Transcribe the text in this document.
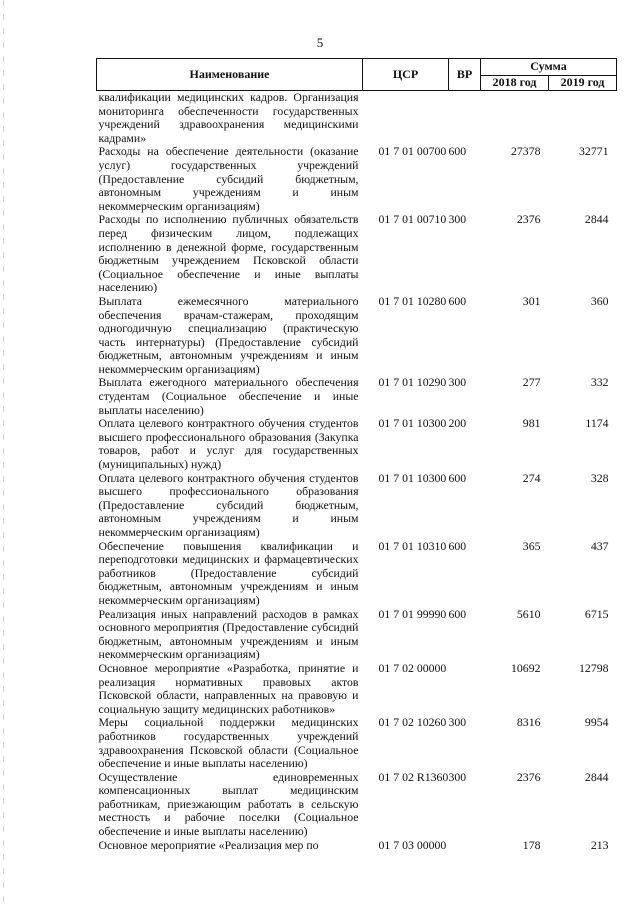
5
Наименование	ЦСР	ВР	Сумма	
			2018 год	2019 год
квалификации медицинских кадров. Организация мониторинга обеспеченности государственных учреждений здравоохранения медицинскими кадрами»				
Расходы на обеспечение деятельности (оказание услуг) государственных учреждений (Предоставление субсидий бюджетным, автономным учреждениям и иным некоммерческим организациям)	01 7 01 00700	600	27378	32771
Расходы по исполнению публичных обязательств перед физическим лицом, подлежащих исполнению в денежной форме, государственным бюджетным учреждением Псковской области (Социальное обеспечение и иные выплаты населению)	01 7 01 00710	300	2376	2844
Выплата ежемесячного материального обеспечения врачам-стажерам, проходящим одногодичную специализацию (практическую часть интернатуры) (Предоставление субсидий бюджетным, автономным учреждениям и иным некоммерческим организациям)	01 7 01 10280	600	301	360
Выплата ежегодного материального обеспечения студентам (Социальное обеспечение и иные выплаты населению)	01 7 01 10290	300	277	332
Оплата целевого контрактного обучения студентов высшего профессионального образования (Закупка товаров, работ и услуг для государственных (муниципальных) нужд)	01 7 01 10300	200	981	1174
Оплата целевого контрактного обучения студентов высшего профессионального образования (Предоставление субсидий бюджетным, автономным учреждениям и иным некоммерческим организациям)	01 7 01 10300	600	274	328
Обеспечение повышения квалификации и переподготовки медицинских и фармацевтических работников (Предоставление субсидий бюджетным, автономным учреждениям и иным некоммерческим организациям)	01 7 01 10310	600	365	437
Реализация иных направлений расходов в рамках основного мероприятия (Предоставление субсидий бюджетным, автономным учреждениям и иным некоммерческим организациям)	01 7 01 99990	600	5610	6715
Основное мероприятие «Разработка, принятие и реализация нормативных правовых актов Псковской области, направленных на правовую и социальную защиту медицинских работников»	01 7 02 00000		10692	12798
Меры социальной поддержки медицинских работников государственных учреждений здравоохранения Псковской области (Социальное обеспечение и иные выплаты населению)	01 7 02 10260	300	8316	9954
Осуществление единовременных компенсационных выплат медицинским работникам, приезжающим работать в сельскую местность и рабочие поселки (Социальное обеспечение и иные выплаты населению)	01 7 02 R1360	300	2376	2844
Основное мероприятие «Реализация мер по	01 7 03 00000		178	213
